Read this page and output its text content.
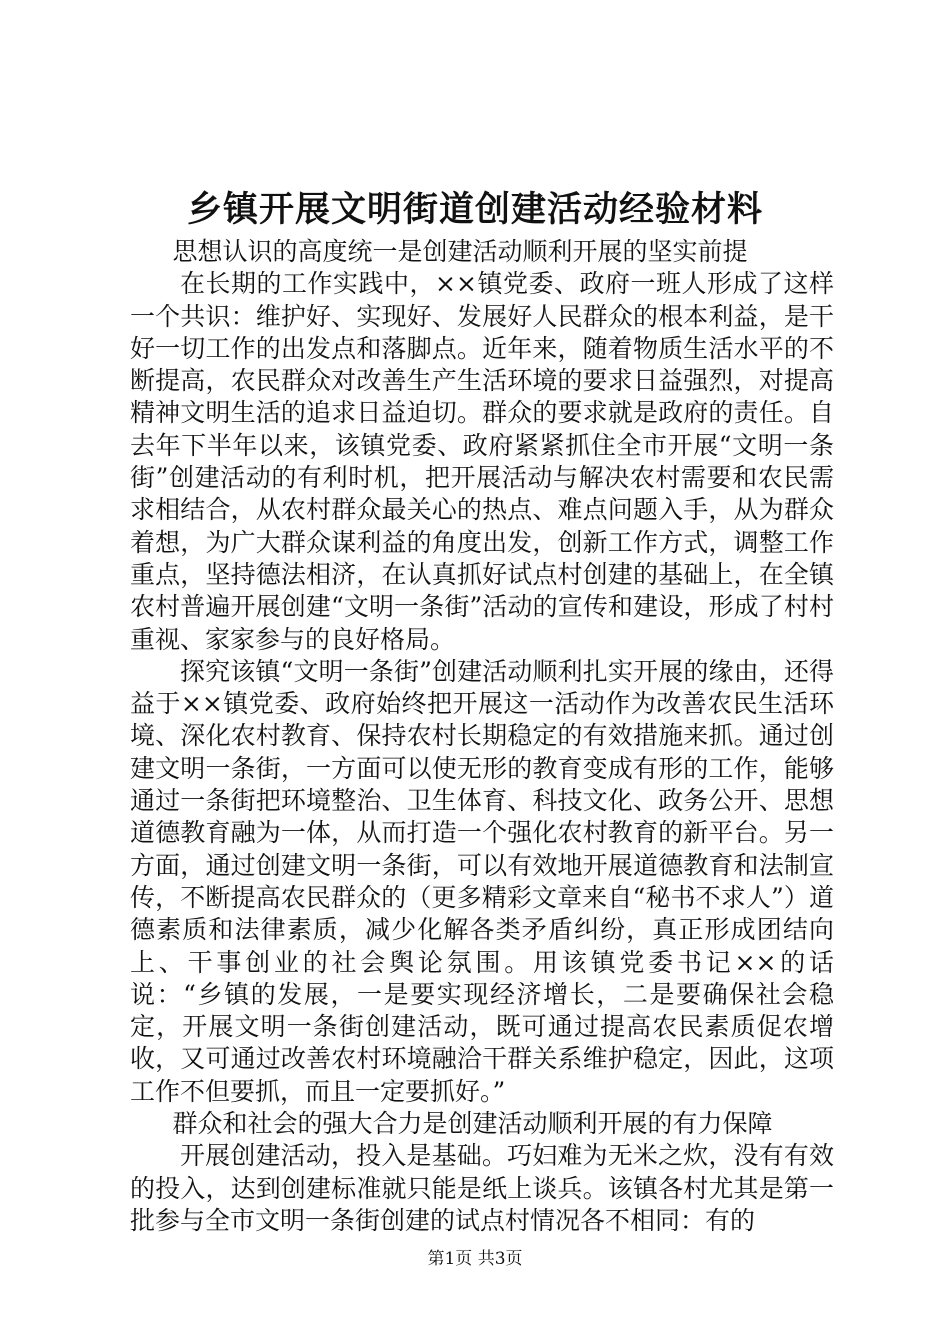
乡镇开展文明街道创建活动经验材料

思想认识的高度统一是创建活动顺利开展的坚实前提

在长期的工作实践中，××镇党委、政府一班人形成了这样一个共识：维护好、实现好、发展好人民群众的根本利益，是干好一切工作的出发点和落脚点。近年来，随着物质生活水平的不断提高，农民群众对改善生产生活环境的要求日益强烈，对提高精神文明生活的追求日益迫切。群众的要求就是政府的责任。自去年下半年以来，该镇党委、政府紧紧抓住全市开展“文明一条街”创建活动的有利时机，把开展活动与解决农村需要和农民需求相结合，从农村群众最关心的热点、难点问题入手，从为群众着想，为广大群众谋利益的角度出发，创新工作方式，调整工作重点，坚持德法相济，在认真抓好试点村创建的基础上，在全镇农村普遍开展创建“文明一条街”活动的宣传和建设，形成了村村重视、家家参与的良好格局。

探究该镇“文明一条街”创建活动顺利扎实开展的缘由，还得益于××镇党委、政府始终把开展这一活动作为改善农民生活环境、深化农村教育、保持农村长期稳定的有效措施来抓。通过创建文明一条街，一方面可以使无形的教育变成有形的工作，能够通过一条街把环境整治、卫生体育、科技文化、政务公开、思想道德教育融为一体，从而打造一个强化农村教育的新平台。另一方面，通过创建文明一条街，可以有效地开展道德教育和法制宣传，不断提高农民群众的（更多精彩文章来自“秘书不求人”）道德素质和法律素质，减少化解各类矛盾纠纷，真正形成团结向上、干事创业的社会舆论氛围。用该镇党委书记××的话说：“乡镇的发展，一是要实现经济增长，二是要确保社会稳定，开展文明一条街创建活动，既可通过提高农民素质促农增收，又可通过改善农村环境融洽干群关系维护稳定，因此，这项工作不但要抓，而且一定要抓好。”

群众和社会的强大合力是创建活动顺利开展的有力保障

开展创建活动，投入是基础。巧妇难为无米之炊，没有有效的投入，达到创建标准就只能是纸上谈兵。该镇各村尤其是第一批参与全市文明一条街创建的试点村情况各不相同：有的

第1页 共3页
